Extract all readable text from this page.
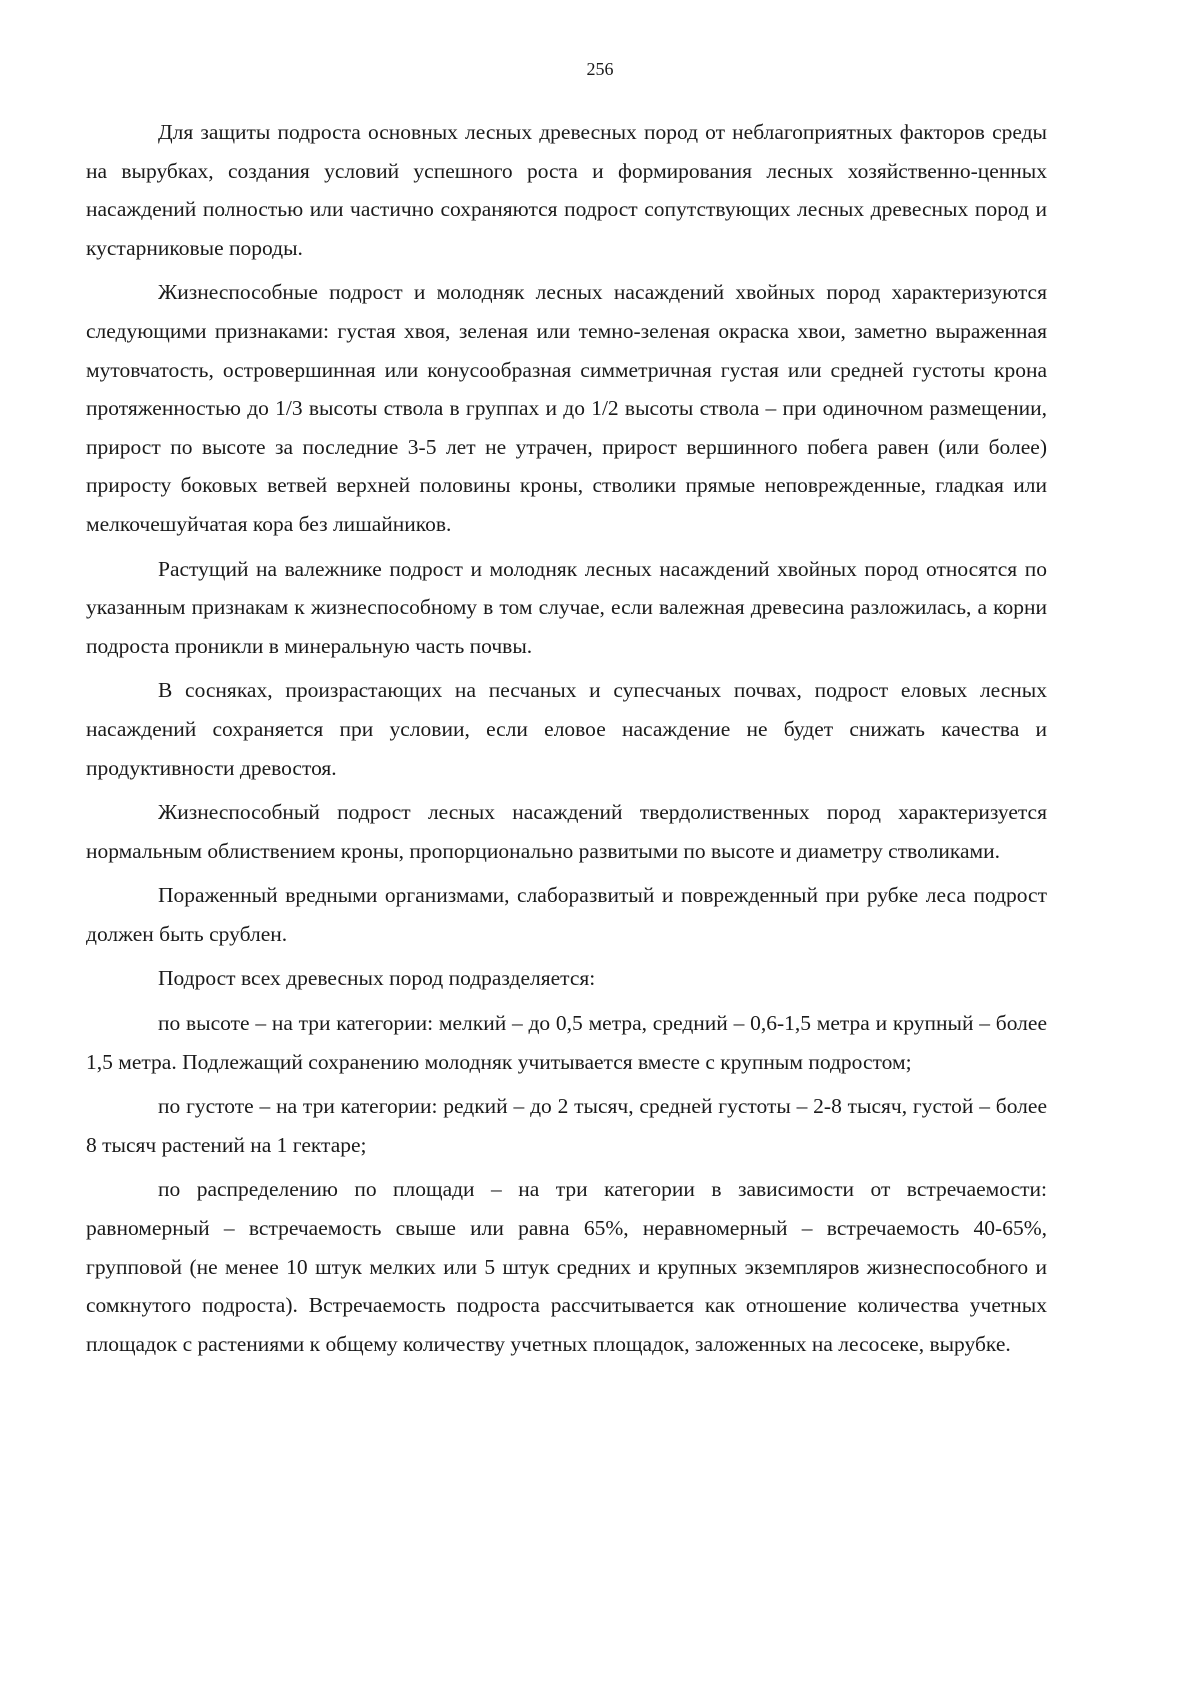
256

Для защиты подроста основных лесных древесных пород от неблагоприятных факторов среды на вырубках, создания условий успешного роста и формирования лесных хозяйственно-ценных насаждений полностью или частично сохраняются подрост сопутствующих лесных древесных пород и кустарниковые породы.

Жизнеспособные подрост и молодняк лесных насаждений хвойных пород характеризуются следующими признаками: густая хвоя, зеленая или темно-зеленая окраска хвои, заметно выраженная мутовчатость, островершинная или конусообразная симметричная густая или средней густоты крона протяженностью до 1/3 высоты ствола в группах и до 1/2 высоты ствола – при одиночном размещении, прирост по высоте за последние 3-5 лет не утрачен, прирост вершинного побега равен (или более) приросту боковых ветвей верхней половины кроны, стволики прямые неповрежденные, гладкая или мелкочешуйчатая кора без лишайников.

Растущий на валежнике подрост и молодняк лесных насаждений хвойных пород относятся по указанным признакам к жизнеспособному в том случае, если валежная древесина разложилась, а корни подроста проникли в минеральную часть почвы.

В сосняках, произрастающих на песчаных и супесчаных почвах, подрост еловых лесных насаждений сохраняется при условии, если еловое насаждение не будет снижать качества и продуктивности древостоя.

Жизнеспособный подрост лесных насаждений твердолиственных пород характеризуется нормальным облиствением кроны, пропорционально развитыми по высоте и диаметру стволиками.

Пораженный вредными организмами, слаборазвитый и поврежденный при рубке леса подрост должен быть срублен.

Подрост всех древесных пород подразделяется:

по высоте – на три категории: мелкий – до 0,5 метра, средний – 0,6-1,5 метра и крупный – более 1,5 метра. Подлежащий сохранению молодняк учитывается вместе с крупным подростом;

по густоте – на три категории: редкий – до 2 тысяч, средней густоты – 2-8 тысяч, густой – более 8 тысяч растений на 1 гектаре;

по распределению по площади – на три категории в зависимости от встречаемости: равномерный – встречаемость свыше или равна 65%, неравномерный – встречаемость 40-65%, групповой (не менее 10 штук мелких или 5 штук средних и крупных экземпляров жизнеспособного и сомкнутого подроста). Встречаемость подроста рассчитывается как отношение количества учетных площадок с растениями к общему количеству учетных площадок, заложенных на лесосеке, вырубке.
